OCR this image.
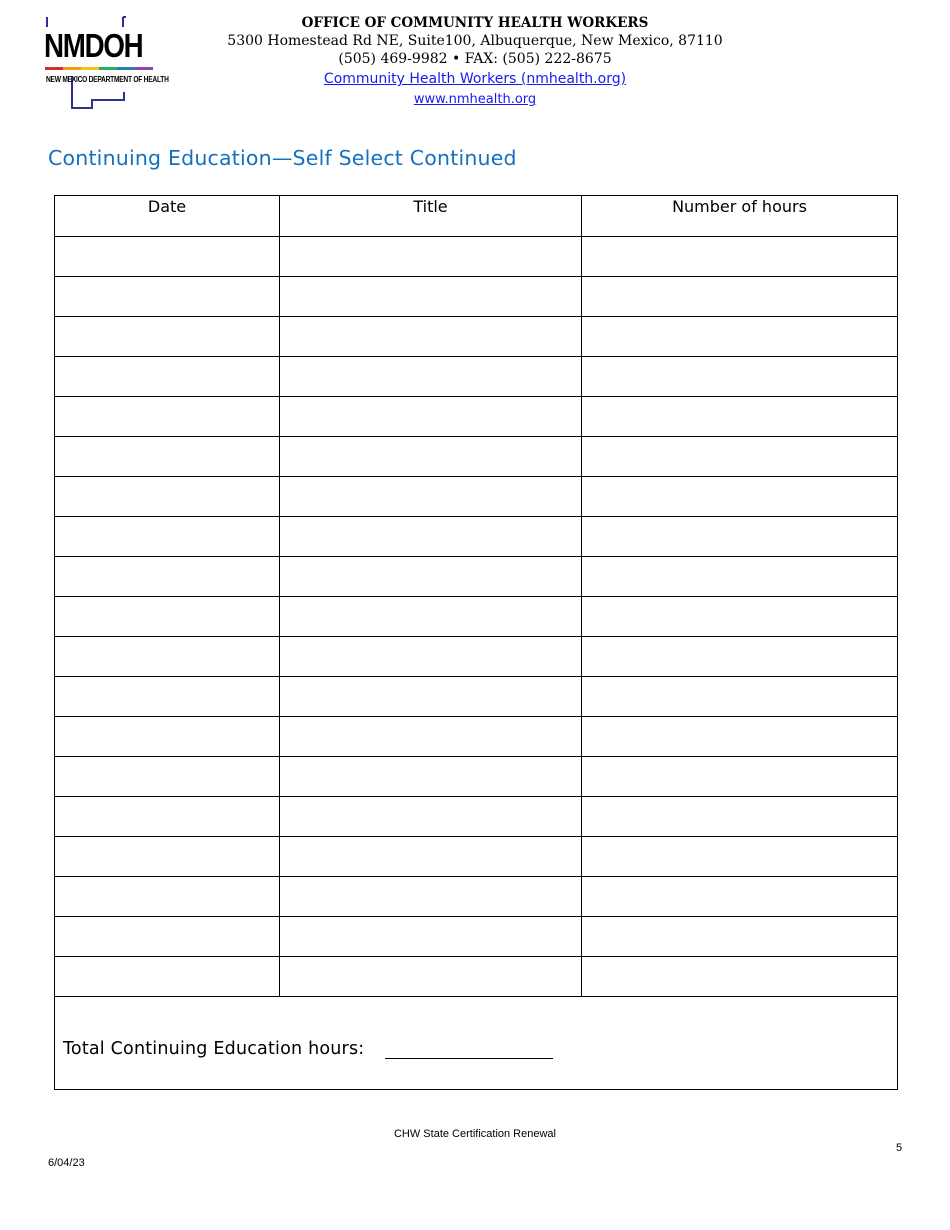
NMDOH
NEW MEXICO DEPARTMENT OF HEALTH
OFFICE OF COMMUNITY HEALTH WORKERS
5300 Homestead Rd NE, Suite100, Albuquerque, New Mexico, 87110
(505) 469-9982 • FAX: (505) 222-8675
Community Health Workers (nmhealth.org)
www.nmhealth.org
Continuing Education—Self Select Continued
Date	Title	Number of hours

Total Continuing Education hours:		
CHW State Certification Renewal
6/04/23
5
